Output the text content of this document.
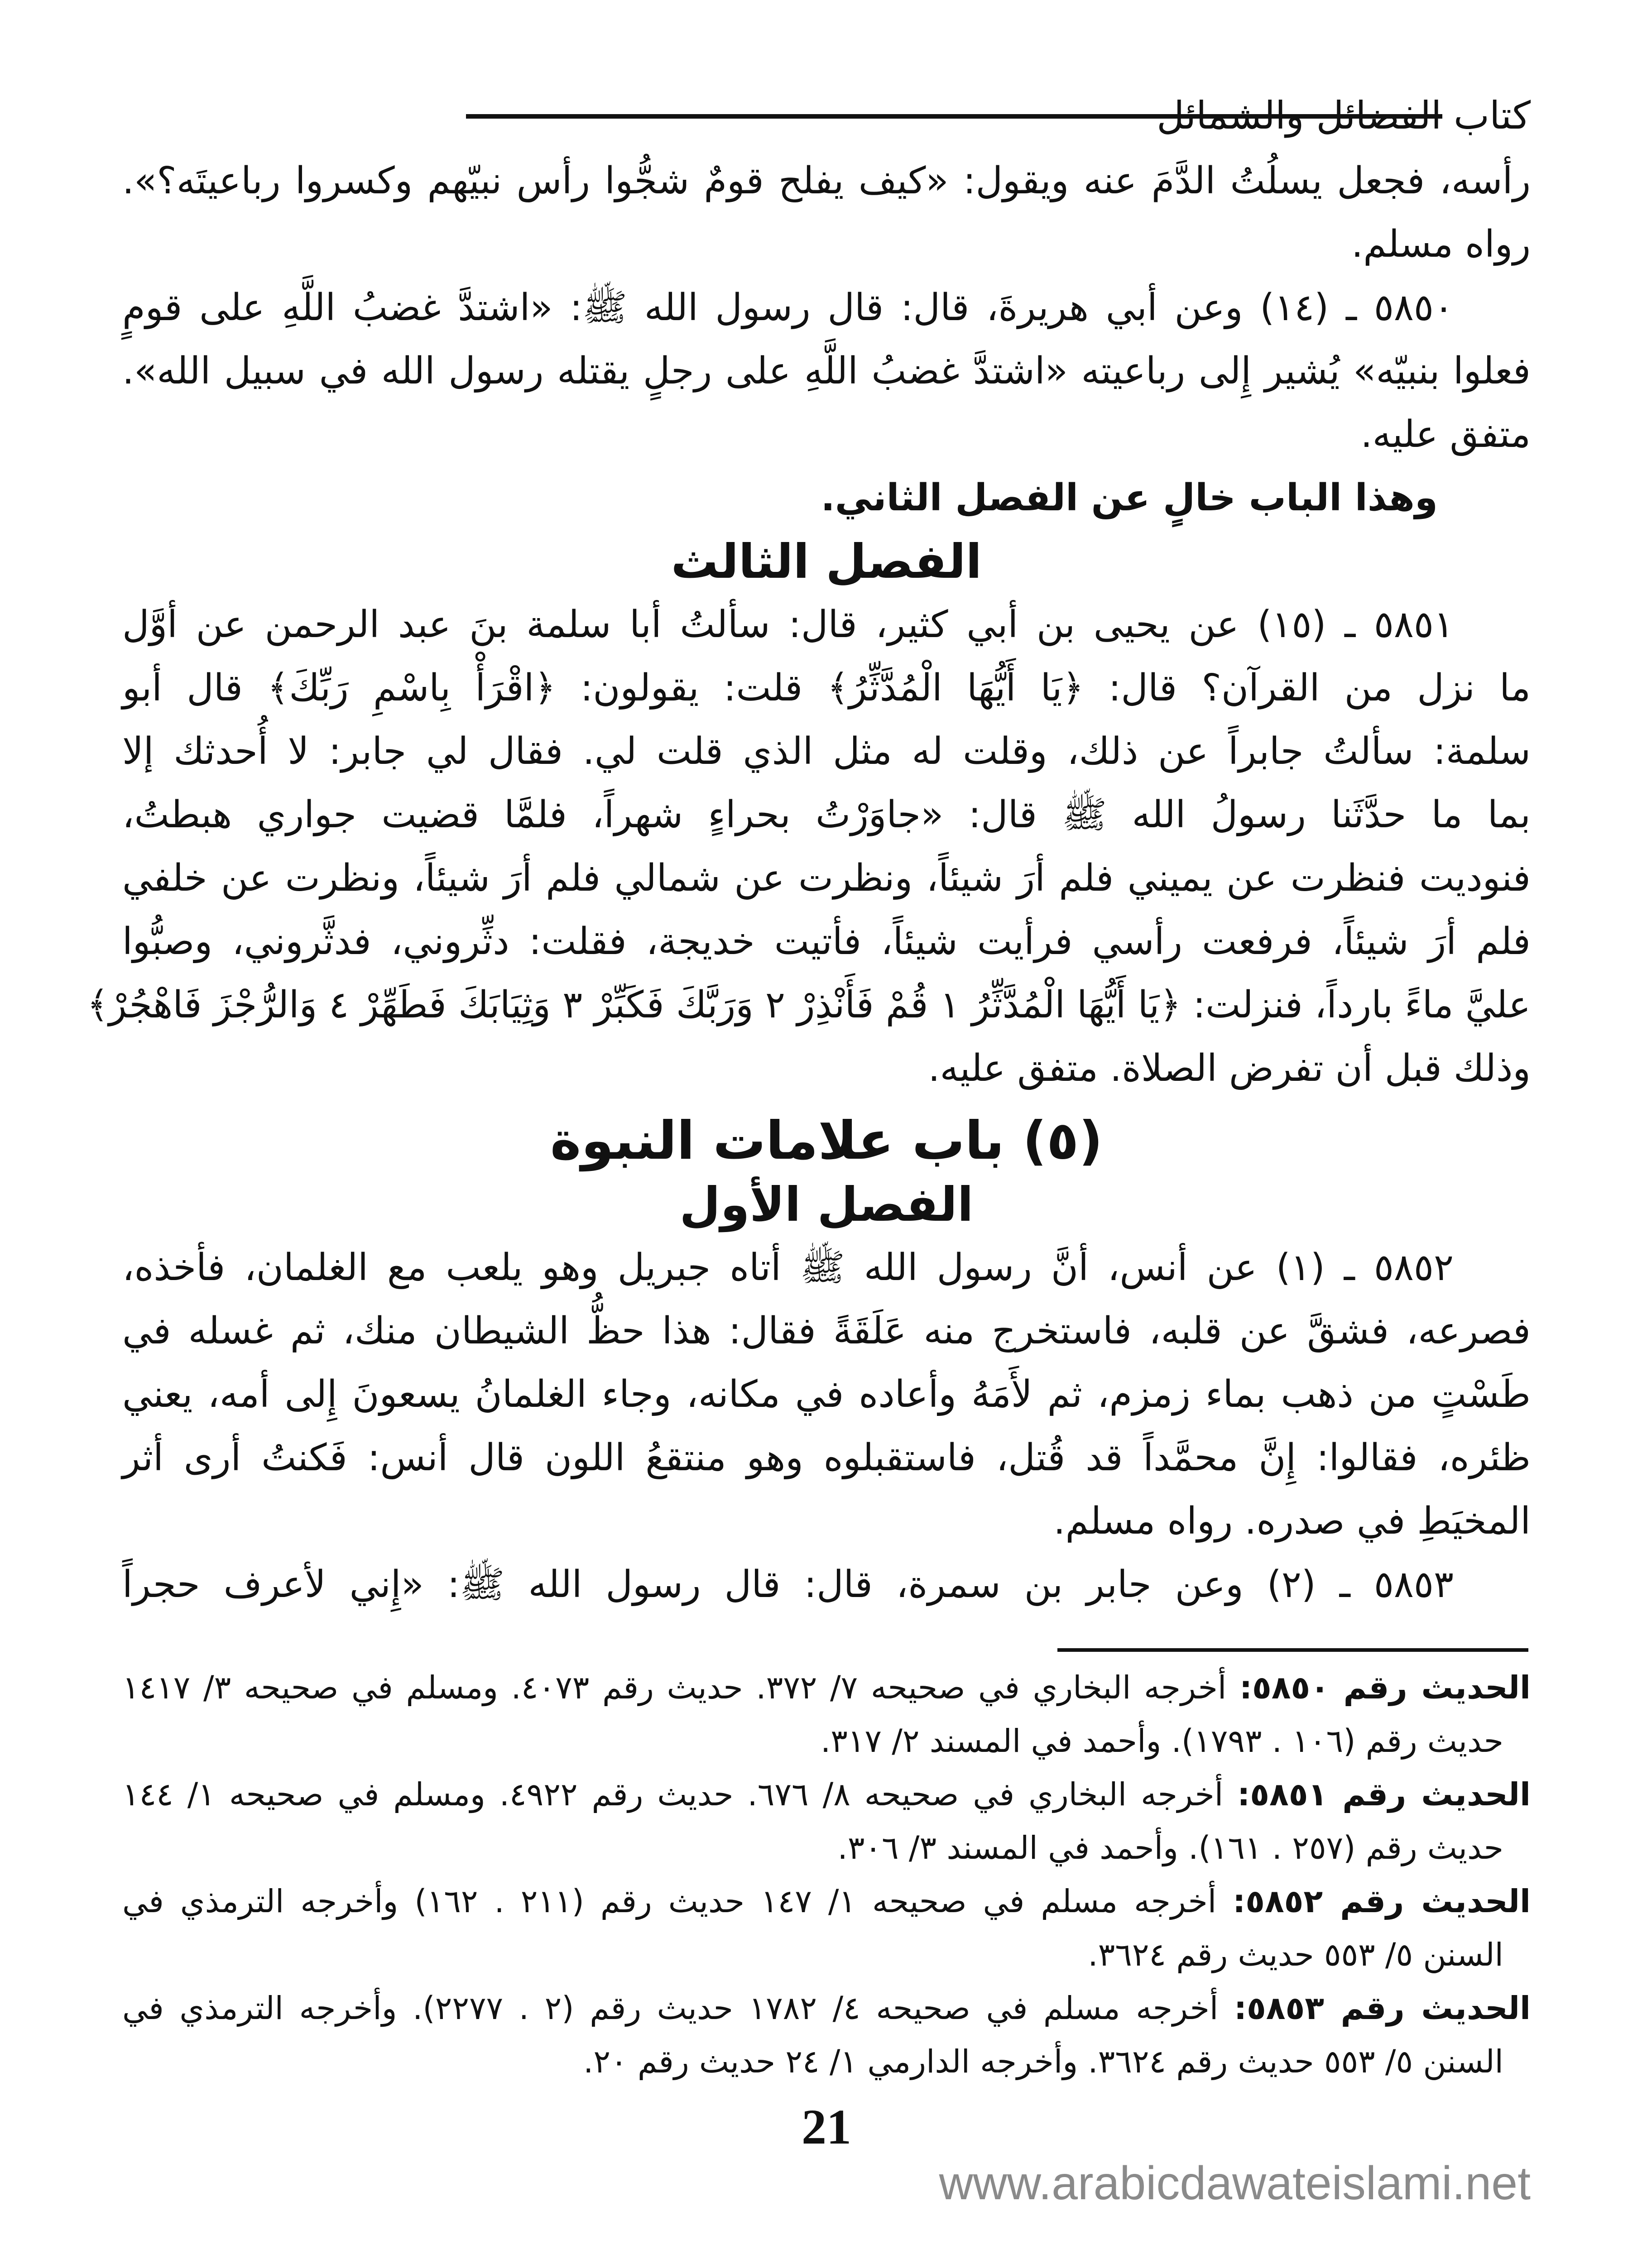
كتاب الفضائل والشمائل
رأسه، فجعل يسلُتُ الدَّمَ عنه ويقول: «كيف يفلح قومٌ شجُّوا رأس نبيّهم وكسروا رباعيتَه؟».
رواه مسلم.
٥٨٥٠ ـ (١٤) وعن أبي هريرةَ، قال: قال رسول الله ﷺ: «اشتدَّ غضبُ اللَّهِ على قومٍ
فعلوا بنبيّه» يُشير إِلى رباعيته «اشتدَّ غضبُ اللَّهِ على رجلٍ يقتله رسول الله في سبيل الله».
متفق عليه.
وهذا الباب خالٍ عن الفصل الثاني.
الفصل الثالث
٥٨٥١ ـ (١٥) عن يحيى بن أبي كثير، قال: سألتُ أبا سلمة بنَ عبد الرحمن عن أوَّل
ما نزل من القرآن؟ قال: ﴿يَا أَيُّهَا الْمُدَّثِّرُ﴾ قلت: يقولون: ﴿اقْرَأْ بِاسْمِ رَبِّكَ﴾ قال أبو
سلمة: سألتُ جابراً عن ذلك، وقلت له مثل الذي قلت لي. فقال لي جابر: لا أُحدثك إلا
بما ما حدَّثَنا رسولُ الله ﷺ قال: «جاوَرْتُ بحراءٍ شهراً، فلمَّا قضيت جواري هبطتُ،
فنوديت فنظرت عن يميني فلم أرَ شيئاً، ونظرت عن شمالي فلم أرَ شيئاً، ونظرت عن خلفي
فلم أرَ شيئاً، فرفعت رأسي فرأيت شيئاً، فأتيت خديجة، فقلت: دثِّروني، فدثَّروني، وصبُّوا
عليَّ ماءً بارداً، فنزلت: ﴿يَا أَيُّهَا الْمُدَّثِّرُ ١ قُمْ فَأَنْذِرْ ٢ وَرَبَّكَ فَكَبِّرْ ٣ وَثِيَابَكَ فَطَهِّرْ ٤ وَالرُّجْزَ فَاهْجُرْ﴾
وذلك قبل أن تفرض الصلاة. متفق عليه.
(٥) باب علامات النبوة
الفصل الأول
٥٨٥٢ ـ (١) عن أنس، أنَّ رسول الله ﷺ أتاه جبريل وهو يلعب مع الغلمان، فأخذه،
فصرعه، فشقَّ عن قلبه، فاستخرج منه عَلَقَةً فقال: هذا حظُّ الشيطان منك، ثم غسله في
طَسْتٍ من ذهب بماء زمزم، ثم لأَمَهُ وأعاده في مكانه، وجاء الغلمانُ يسعونَ إِلى أمه، يعني
ظئره، فقالوا: إِنَّ محمَّداً قد قُتل، فاستقبلوه وهو منتقعُ اللون قال أنس: فَكنتُ أرى أثر
المخيَطِ في صدره. رواه مسلم.
٥٨٥٣ ـ (٢) وعن جابر بن سمرة، قال: قال رسول الله ﷺ: «إِني لأعرف حجراً
الحديث رقم ٥٨٥٠: أخرجه البخاري في صحيحه ٧/ ٣٧٢. حديث رقم ٤٠٧٣. ومسلم في صحيحه ٣/ ١٤١٧
حديث رقم (١٠٦ . ١٧٩٣). وأحمد في المسند ٢/ ٣١٧.
الحديث رقم ٥٨٥١: أخرجه البخاري في صحيحه ٨/ ٦٧٦. حديث رقم ٤٩٢٢. ومسلم في صحيحه ١/ ١٤٤
حديث رقم (٢٥٧ . ١٦١). وأحمد في المسند ٣/ ٣٠٦.
الحديث رقم ٥٨٥٢: أخرجه مسلم في صحيحه ١/ ١٤٧ حديث رقم (٢١١ . ١٦٢) وأخرجه الترمذي في
السنن ٥/ ٥٥٣ حديث رقم ٣٦٢٤.
الحديث رقم ٥٨٥٣: أخرجه مسلم في صحيحه ٤/ ١٧٨٢ حديث رقم (٢ . ٢٢٧٧). وأخرجه الترمذي في
السنن ٥/ ٥٥٣ حديث رقم ٣٦٢٤. وأخرجه الدارمي ١/ ٢٤ حديث رقم ٢٠.
21
www.arabicdawateislami.net
